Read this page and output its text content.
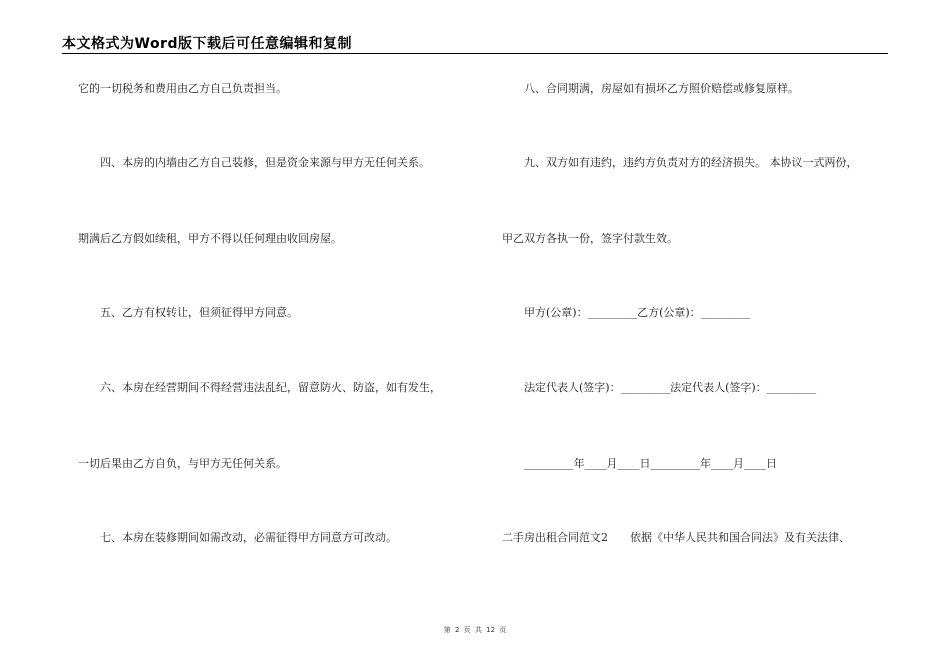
本文格式为Word版下载后可任意编辑和复制
它的一切税务和费用由乙方自己负责担当。
四、本房的内墙由乙方自己装修，但是资金来源与甲方无任何关系。
期满后乙方假如续租，甲方不得以任何理由收回房屋。
五、乙方有权转让，但须征得甲方同意。
六、本房在经营期间不得经营违法乱纪，留意防火、防盗，如有发生，
一切后果由乙方自负，与甲方无任何关系。
七、本房在装修期间如需改动，必需征得甲方同意方可改动。
八、合同期满，房屋如有损坏乙方照价赔偿或修复原样。
九、双方如有违约，违约方负责对方的经济损失。 本协议一式两份，
甲乙双方各执一份，签字付款生效。
甲方(公章)：_________乙方(公章)：_________
法定代表人(签字)：_________法定代表人(签字)：_________
_________年____月____日_________年____月____日
二手房出租合同范文2　　依据《中华人民共和国合同法》及有关法律、
第 2 页 共 12 页
